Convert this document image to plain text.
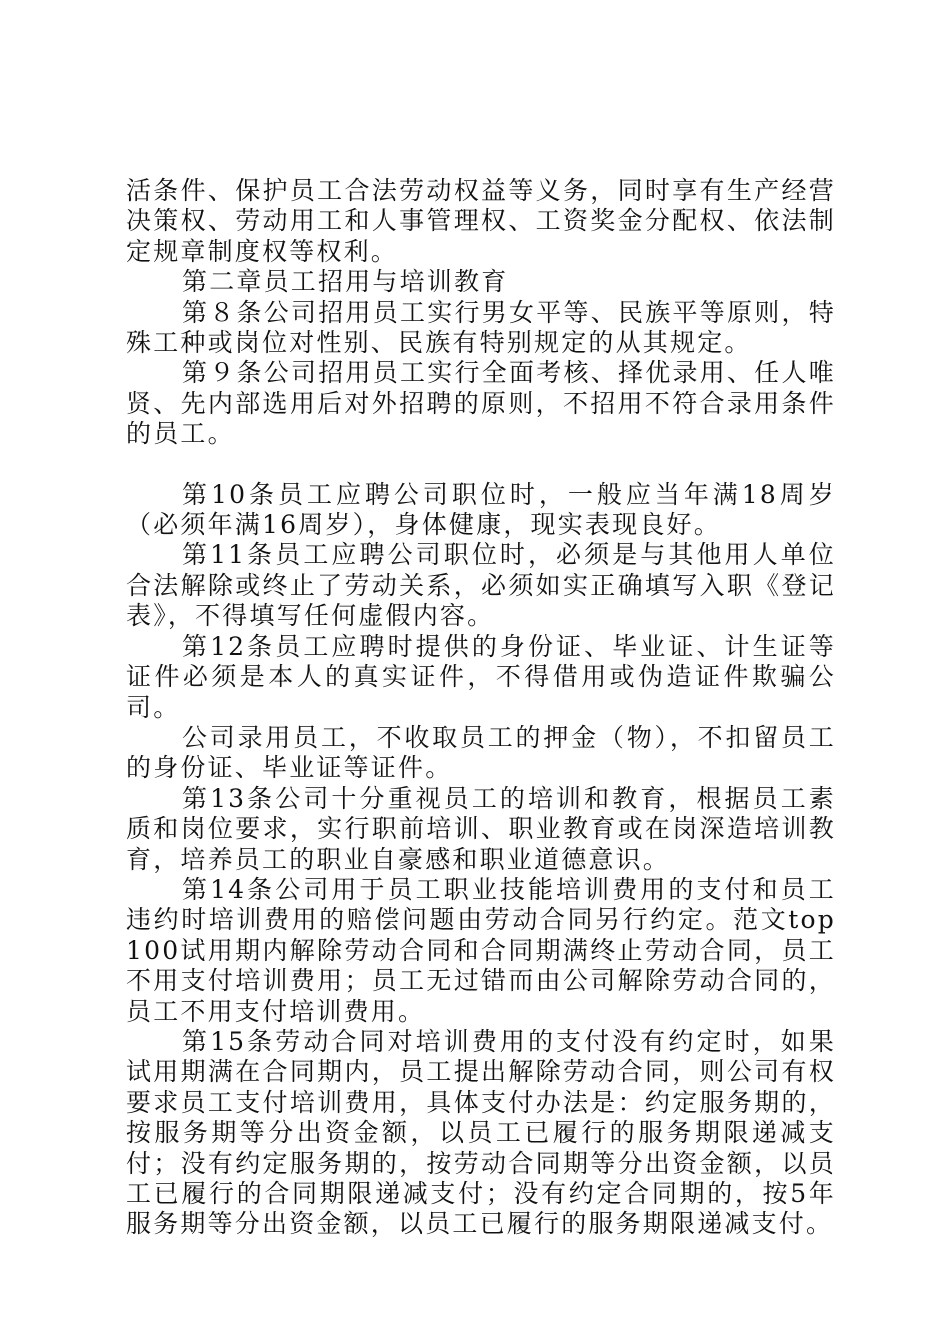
活条件、保护员工合法劳动权益等义务，同时享有生产经营决策权、劳动用工和人事管理权、工资奖金分配权、依法制定规章制度权等权利。

第二章员工招用与培训教育

第８条公司招用员工实行男女平等、民族平等原则，特殊工种或岗位对性别、民族有特别规定的从其规定。

第９条公司招用员工实行全面考核、择优录用、任人唯贤、先内部选用后对外招聘的原则，不招用不符合录用条件的员工。

第10条员工应聘公司职位时，一般应当年满18周岁（必须年满16周岁），身体健康，现实表现良好。

第11条员工应聘公司职位时，必须是与其他用人单位合法解除或终止了劳动关系，必须如实正确填写入职《登记表》，不得填写任何虚假内容。

第12条员工应聘时提供的身份证、毕业证、计生证等证件必须是本人的真实证件，不得借用或伪造证件欺骗公司。

公司录用员工，不收取员工的押金（物），不扣留员工的身份证、毕业证等证件。

第13条公司十分重视员工的培训和教育，根据员工素质和岗位要求，实行职前培训、职业教育或在岗深造培训教育，培养员工的职业自豪感和职业道德意识。

第14条公司用于员工职业技能培训费用的支付和员工违约时培训费用的赔偿问题由劳动合同另行约定。范文top100试用期内解除劳动合同和合同期满终止劳动合同，员工不用支付培训费用；员工无过错而由公司解除劳动合同的，员工不用支付培训费用。

第15条劳动合同对培训费用的支付没有约定时，如果试用期满在合同期内，员工提出解除劳动合同，则公司有权要求员工支付培训费用，具体支付办法是：约定服务期的，按服务期等分出资金额，以员工已履行的服务期限递减支付；没有约定服务期的，按劳动合同期等分出资金额，以员工已履行的合同期限递减支付；没有约定合同期的，按5年服务期等分出资金额，以员工已履行的服务期限递减支付。
